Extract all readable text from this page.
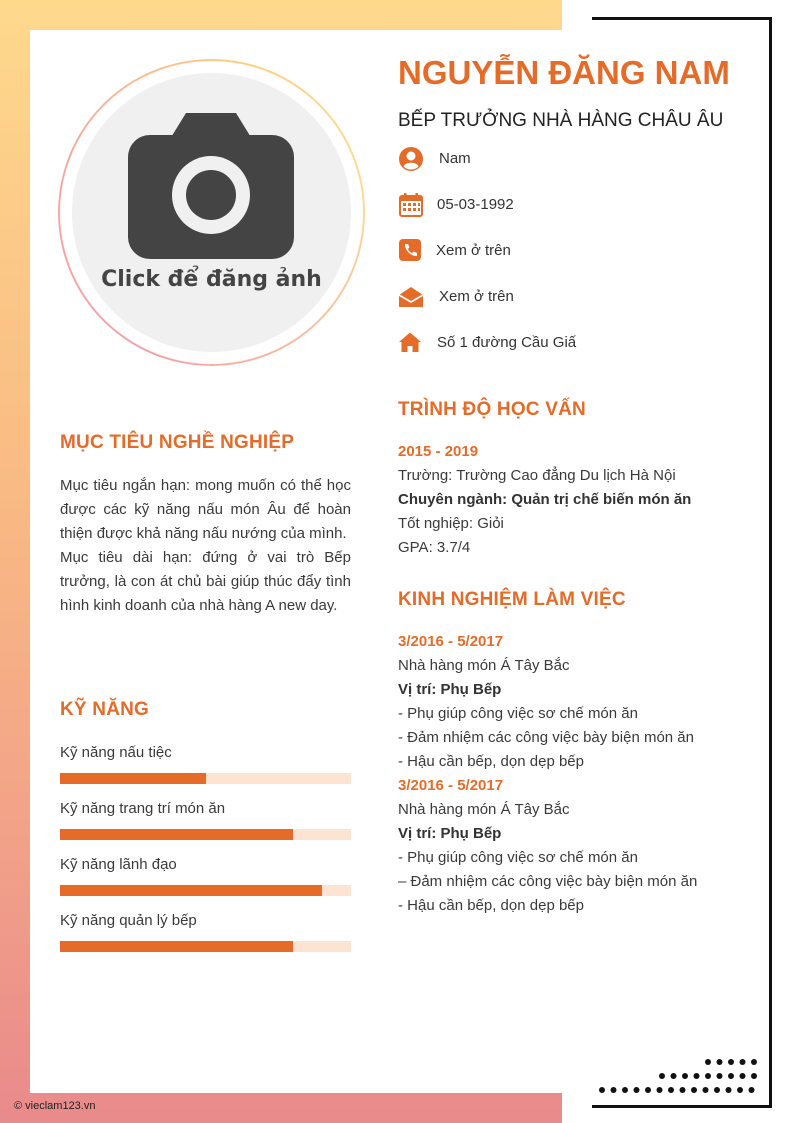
Click để đăng ảnh
NGUYỄN ĐĂNG NAM
BẾP TRƯỞNG NHÀ HÀNG CHÂU ÂU
Nam
05-03-1992
Xem ở trên
Xem ở trên
Số 1 đường Cầu Giấ
MỤC TIÊU NGHỀ NGHIỆP

Mục tiêu ngắn hạn: mong muốn có thể học được các kỹ năng nấu món Âu để hoàn thiện được khả năng nấu nướng của mình.

Mục tiêu dài hạn: đứng ở vai trò Bếp trưởng, là con át chủ bài giúp thúc đẩy tình hình kinh doanh của nhà hàng A new day.

KỸ NĂNG
Kỹ năng nấu tiệc
Kỹ năng trang trí món ăn
Kỹ năng lãnh đạo
Kỹ năng quản lý bếp
TRÌNH ĐỘ HỌC VẤN
2015 - 2019
Trường: Trường Cao đẳng Du lịch Hà Nội
Chuyên ngành: Quản trị chế biến món ăn
Tốt nghiệp: Giỏi
GPA: 3.7/4
KINH NGHIỆM LÀM VIỆC
3/2016 - 5/2017
Nhà hàng món Á Tây Bắc
Vị trí: Phụ Bếp
- Phụ giúp công việc sơ chế món ăn
- Đảm nhiệm các công việc bày biện món ăn
- Hậu cần bếp, dọn dẹp bếp
3/2016 - 5/2017
Nhà hàng món Á Tây Bắc
Vị trí: Phụ Bếp
- Phụ giúp công việc sơ chế món ăn
– Đảm nhiệm các công việc bày biện món ăn
- Hậu cần bếp, dọn dẹp bếp
© vieclam123.vn
